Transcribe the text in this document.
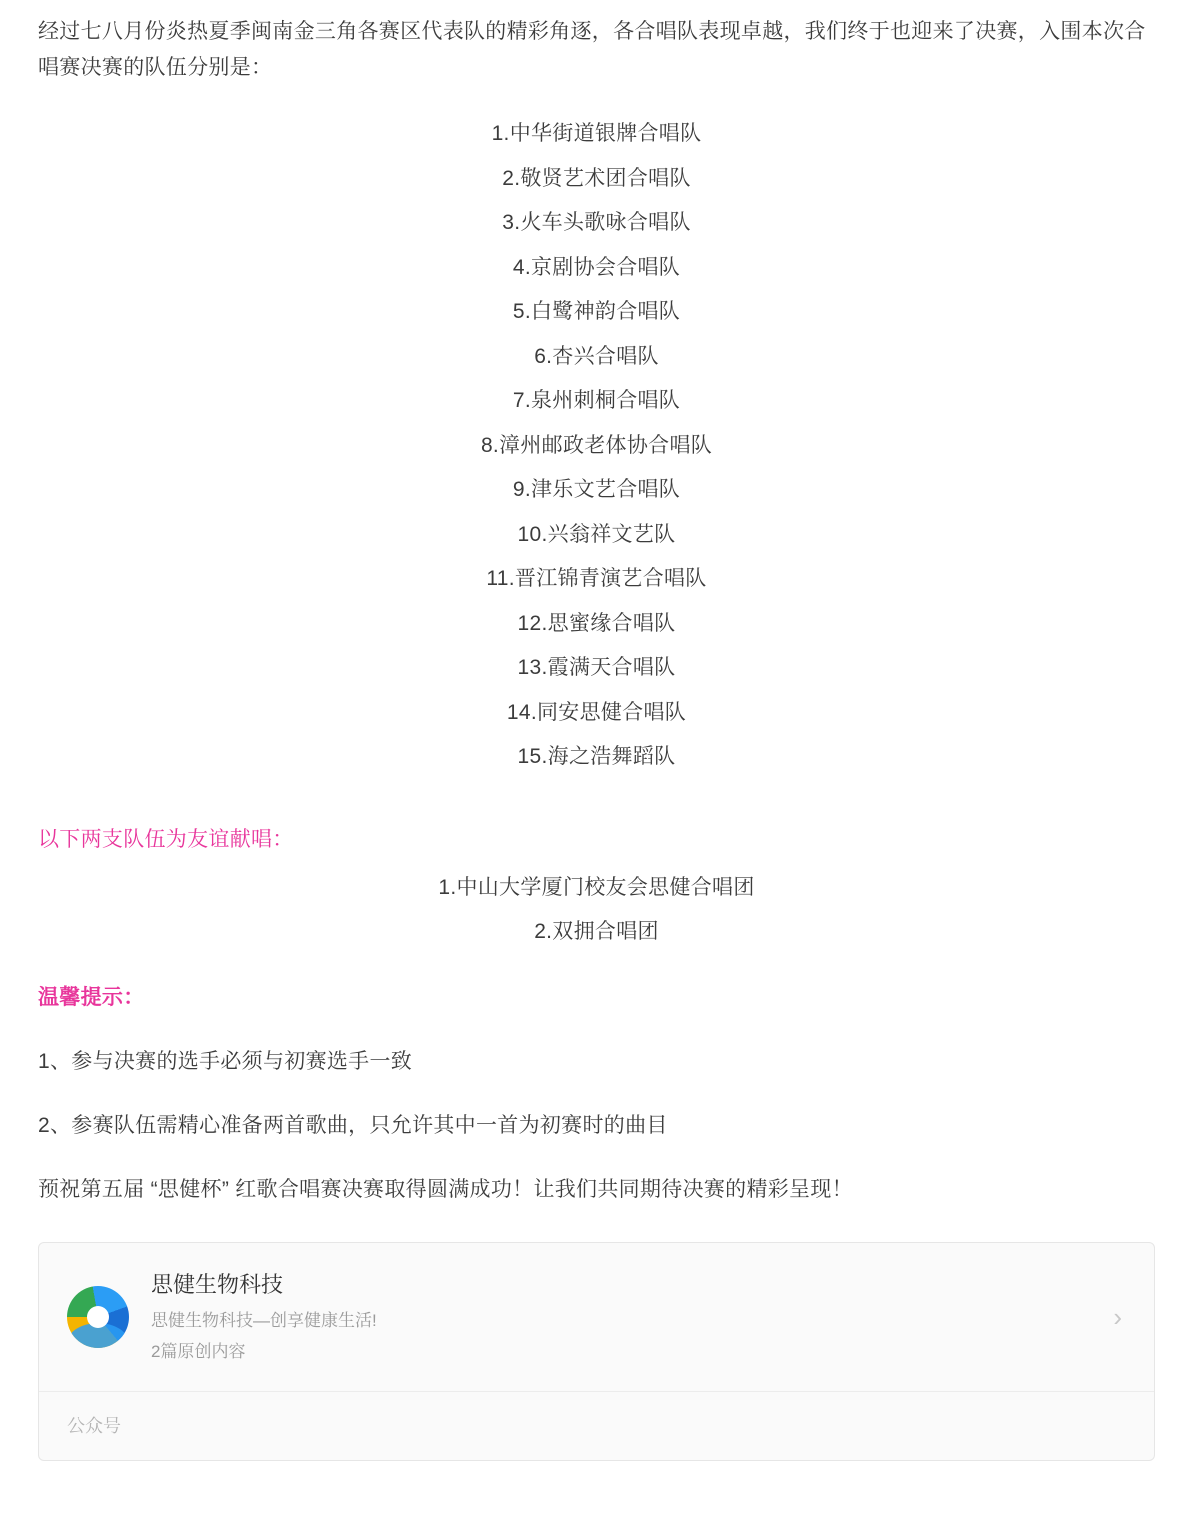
经过七八月份炎热夏季闽南金三角各赛区代表队的精彩角逐，各合唱队表现卓越，我们终于也迎来了决赛，入围本次合唱赛决赛的队伍分别是：

1.中华街道银牌合唱队
2.敬贤艺术团合唱队
3.火车头歌咏合唱队
4.京剧协会合唱队
5.白鹭神韵合唱队
6.杏兴合唱队
7.泉州刺桐合唱队
8.漳州邮政老体协合唱队
9.津乐文艺合唱队
10.兴翁祥文艺队
11.晋江锦青演艺合唱队
12.思蜜缘合唱队
13.霞满天合唱队
14.同安思健合唱队
15.海之浩舞蹈队

以下两支队伍为友谊献唱：

1.中山大学厦门校友会思健合唱团
2.双拥合唱团

温馨提示：

1、参与决赛的选手必须与初赛选手一致

2、参赛队伍需精心准备两首歌曲，只允许其中一首为初赛时的曲目

预祝第五届 “思健杯” 红歌合唱赛决赛取得圆满成功！让我们共同期待决赛的精彩呈现！

思健生物科技
思健生物科技—创享健康生活!
2篇原创内容
›
公众号
